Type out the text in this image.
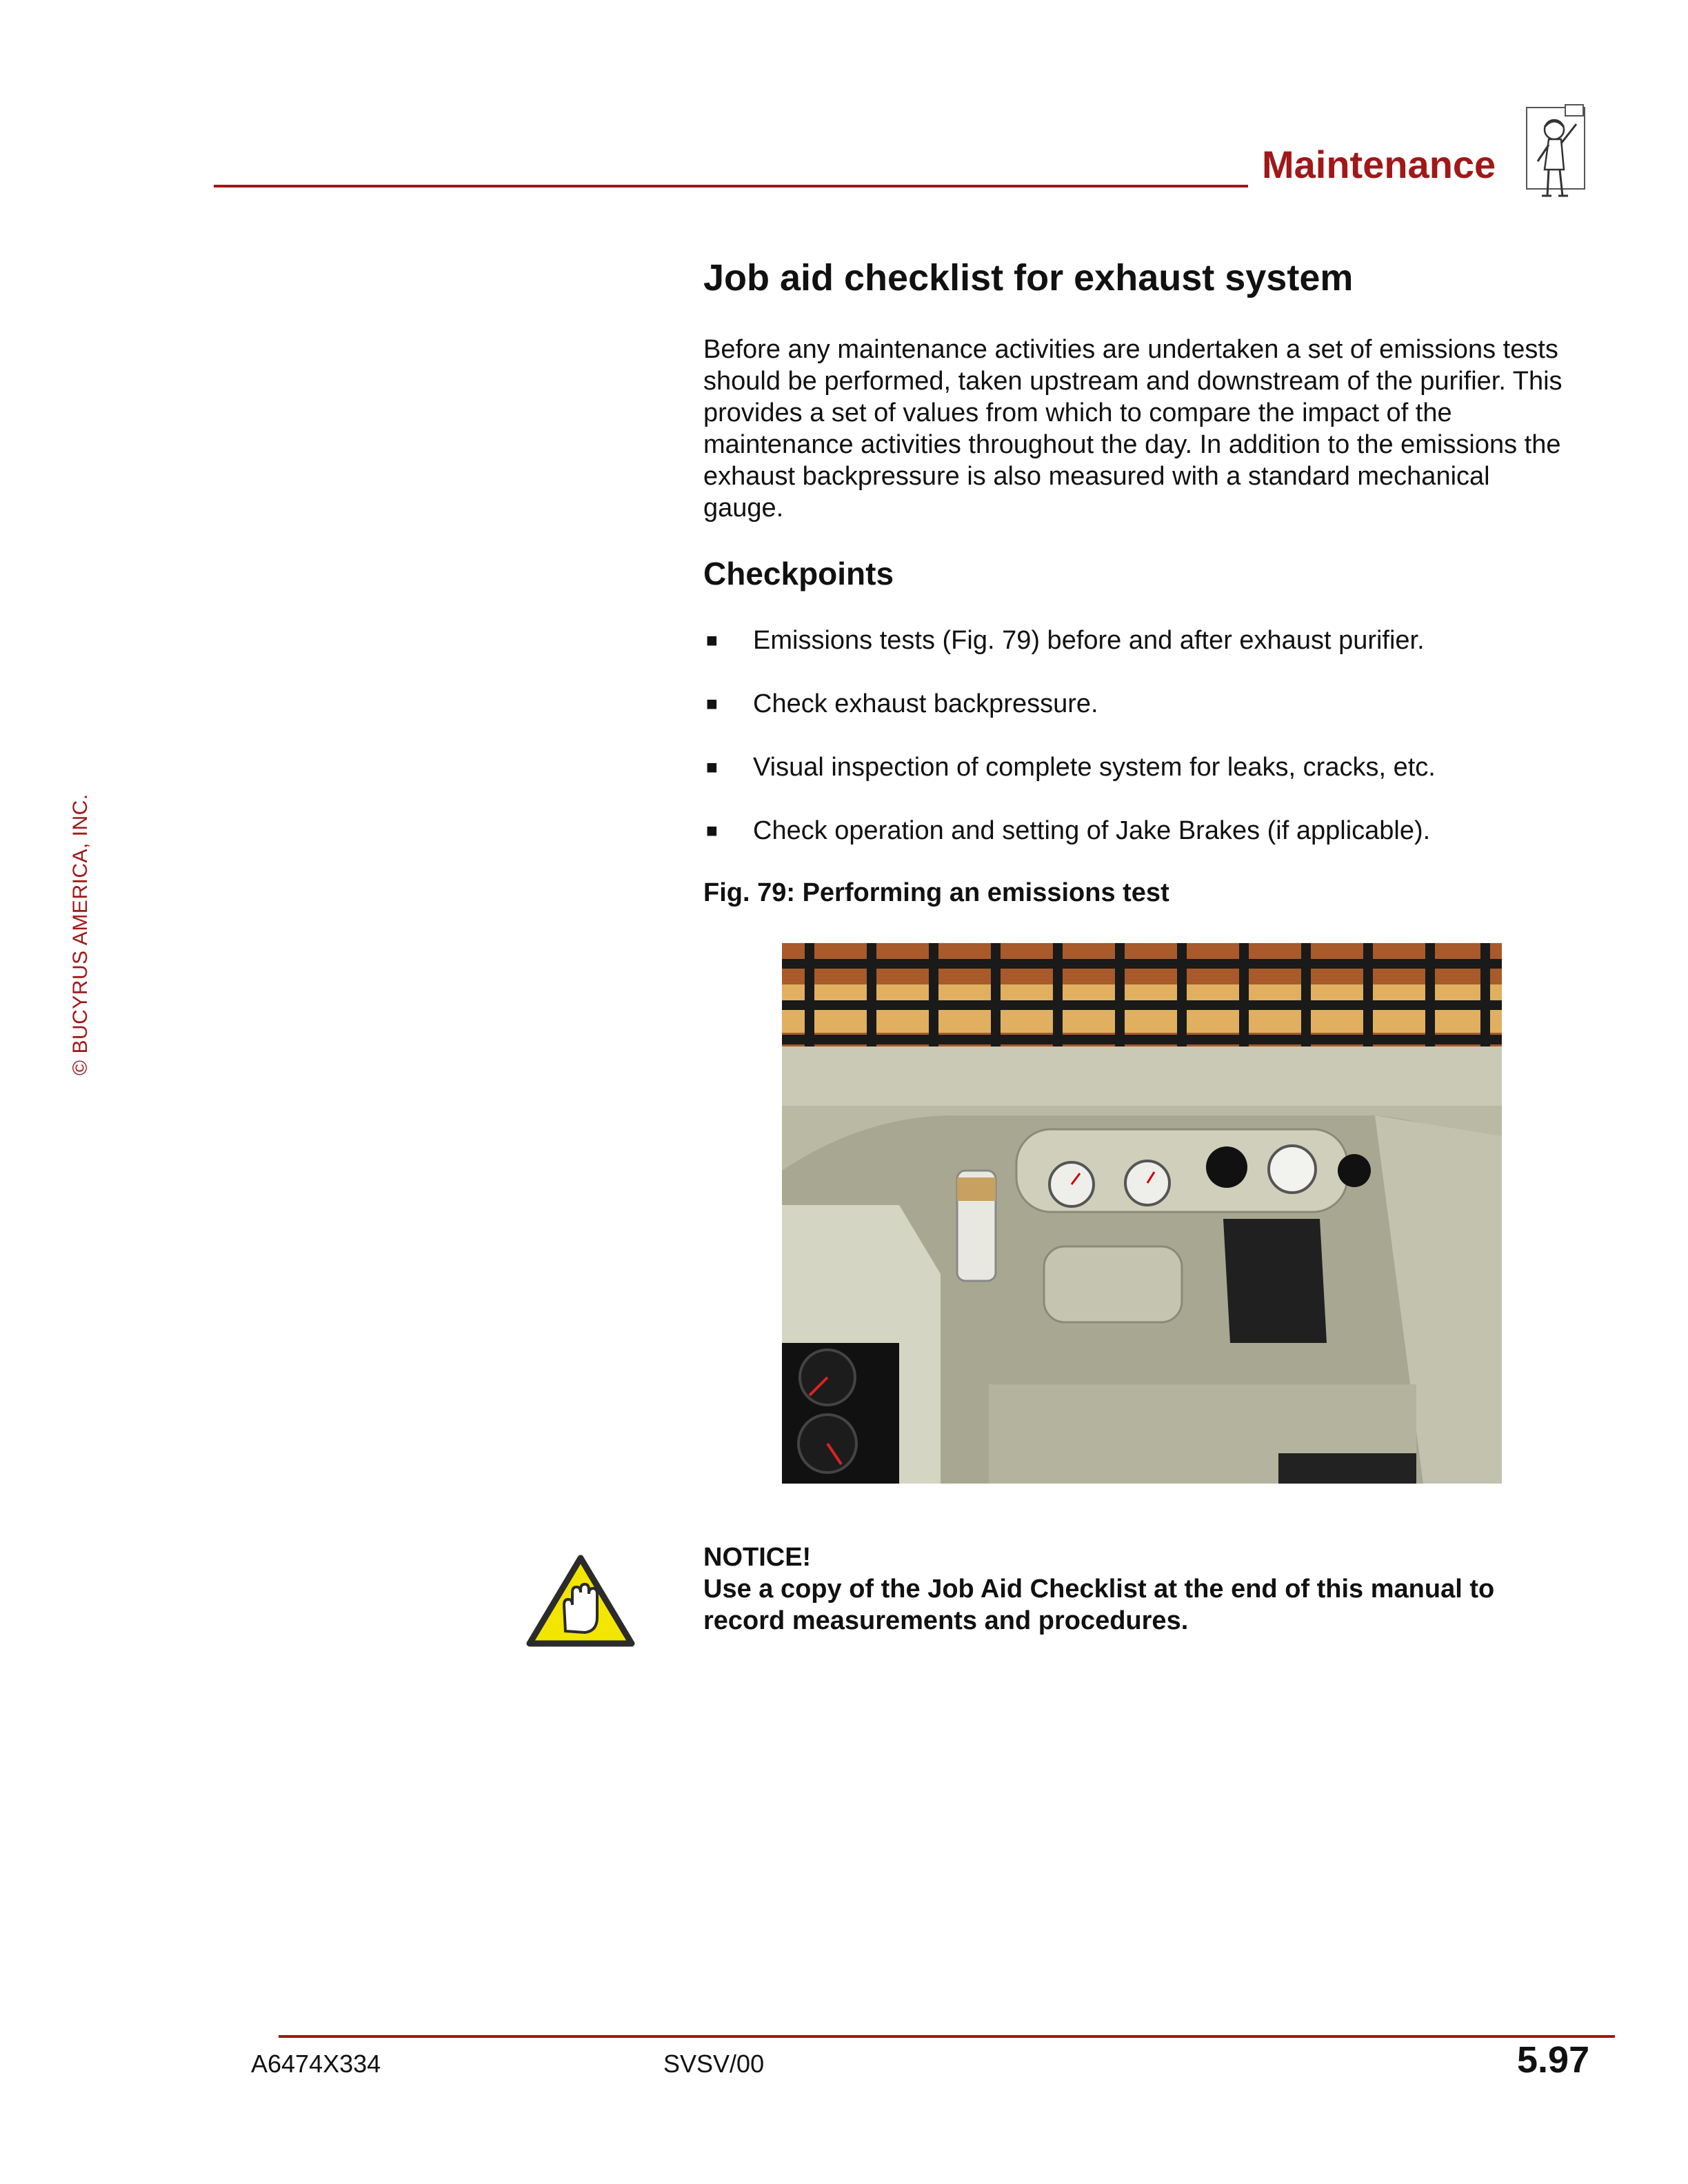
Maintenance
© BUCYRUS AMERICA, INC.
Job aid checklist for exhaust system

Before any maintenance activities are undertaken a set of emissions tests should be performed, taken upstream and downstream of the purifier. This provides a set of values from which to compare the impact of the maintenance activities throughout the day. In addition to the emissions the exhaust backpressure is also measured with a standard mechanical gauge.

Checkpoints
■ Emissions tests (Fig. 79) before and after exhaust purifier.
■ Check exhaust backpressure.
■ Visual inspection of complete system for leaks, cracks, etc.
■ Check operation and setting of Jake Brakes (if applicable).
Fig. 79: Performing an emissions test
NOTICE!
Use a copy of the Job Aid Checklist at the end of this manual to record measurements and procedures.
A6474X334	SVSV/00	5.97
